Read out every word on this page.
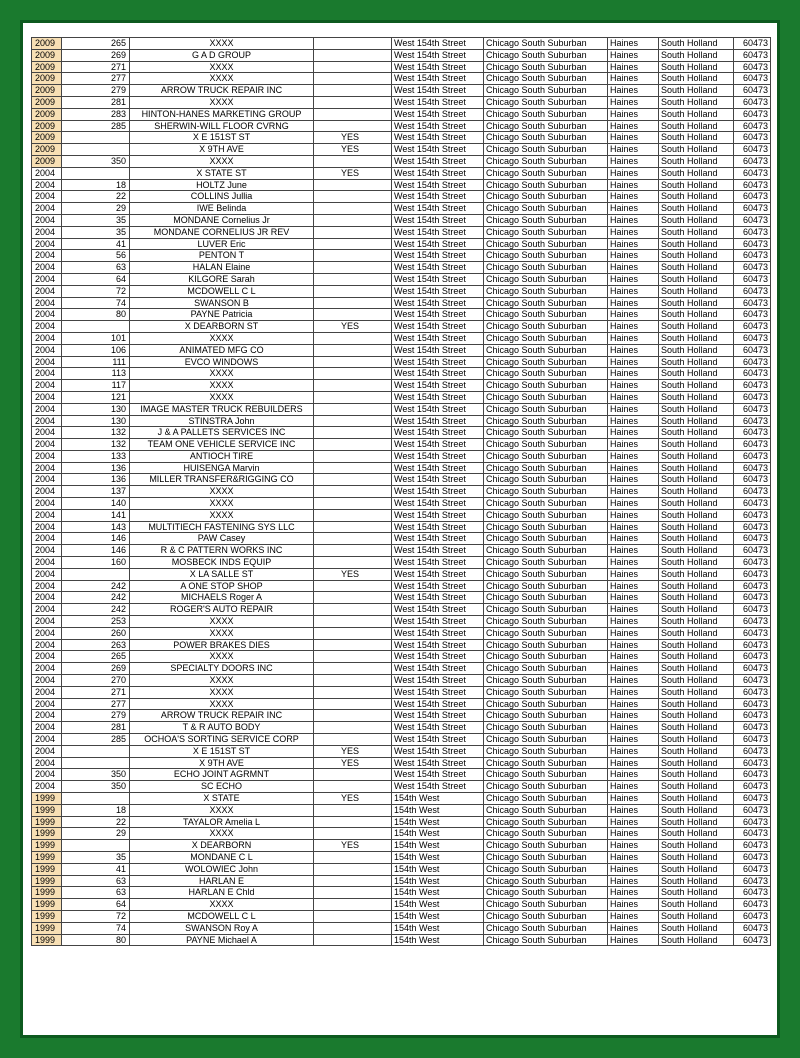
2009	265	XXXX		West 154th Street	Chicago South Suburban	Haines	South Holland	60473
2009	269	G A D GROUP		West 154th Street	Chicago South Suburban	Haines	South Holland	60473
2009	271	XXXX		West 154th Street	Chicago South Suburban	Haines	South Holland	60473
2009	277	XXXX		West 154th Street	Chicago South Suburban	Haines	South Holland	60473
2009	279	ARROW TRUCK REPAIR INC		West 154th Street	Chicago South Suburban	Haines	South Holland	60473
2009	281	XXXX		West 154th Street	Chicago South Suburban	Haines	South Holland	60473
2009	283	HINTON-HANES MARKETING GROUP		West 154th Street	Chicago South Suburban	Haines	South Holland	60473
2009	285	SHERWIN-WILL FLOOR CVRNG		West 154th Street	Chicago South Suburban	Haines	South Holland	60473
2009		X E 151ST ST	YES	West 154th Street	Chicago South Suburban	Haines	South Holland	60473
2009		X 9TH AVE	YES	West 154th Street	Chicago South Suburban	Haines	South Holland	60473
2009	350	XXXX		West 154th Street	Chicago South Suburban	Haines	South Holland	60473
2004		X STATE ST	YES	West 154th Street	Chicago South Suburban	Haines	South Holland	60473
2004	18	HOLTZ June		West 154th Street	Chicago South Suburban	Haines	South Holland	60473
2004	22	COLLINS Jullia		West 154th Street	Chicago South Suburban	Haines	South Holland	60473
2004	29	IWE Belinda		West 154th Street	Chicago South Suburban	Haines	South Holland	60473
2004	35	MONDANE Cornelius Jr		West 154th Street	Chicago South Suburban	Haines	South Holland	60473
2004	35	MONDANE CORNELIUS JR REV		West 154th Street	Chicago South Suburban	Haines	South Holland	60473
2004	41	LUVER Eric		West 154th Street	Chicago South Suburban	Haines	South Holland	60473
2004	56	PENTON T		West 154th Street	Chicago South Suburban	Haines	South Holland	60473
2004	63	HALAN Elaine		West 154th Street	Chicago South Suburban	Haines	South Holland	60473
2004	64	KILGORE Sarah		West 154th Street	Chicago South Suburban	Haines	South Holland	60473
2004	72	MCDOWELL C L		West 154th Street	Chicago South Suburban	Haines	South Holland	60473
2004	74	SWANSON B		West 154th Street	Chicago South Suburban	Haines	South Holland	60473
2004	80	PAYNE Patricia		West 154th Street	Chicago South Suburban	Haines	South Holland	60473
2004		X DEARBORN ST	YES	West 154th Street	Chicago South Suburban	Haines	South Holland	60473
2004	101	XXXX		West 154th Street	Chicago South Suburban	Haines	South Holland	60473
2004	106	ANIMATED MFG CO		West 154th Street	Chicago South Suburban	Haines	South Holland	60473
2004	111	EVCO WINDOWS		West 154th Street	Chicago South Suburban	Haines	South Holland	60473
2004	113	XXXX		West 154th Street	Chicago South Suburban	Haines	South Holland	60473
2004	117	XXXX		West 154th Street	Chicago South Suburban	Haines	South Holland	60473
2004	121	XXXX		West 154th Street	Chicago South Suburban	Haines	South Holland	60473
2004	130	IMAGE MASTER TRUCK REBUILDERS		West 154th Street	Chicago South Suburban	Haines	South Holland	60473
2004	130	STINSTRA John		West 154th Street	Chicago South Suburban	Haines	South Holland	60473
2004	132	J & A PALLETS SERVICES INC		West 154th Street	Chicago South Suburban	Haines	South Holland	60473
2004	132	TEAM ONE VEHICLE SERVICE INC		West 154th Street	Chicago South Suburban	Haines	South Holland	60473
2004	133	ANTIOCH TIRE		West 154th Street	Chicago South Suburban	Haines	South Holland	60473
2004	136	HUISENGA Marvin		West 154th Street	Chicago South Suburban	Haines	South Holland	60473
2004	136	MILLER TRANSFER&RIGGING CO		West 154th Street	Chicago South Suburban	Haines	South Holland	60473
2004	137	XXXX		West 154th Street	Chicago South Suburban	Haines	South Holland	60473
2004	140	XXXX		West 154th Street	Chicago South Suburban	Haines	South Holland	60473
2004	141	XXXX		West 154th Street	Chicago South Suburban	Haines	South Holland	60473
2004	143	MULTITIECH FASTENING SYS LLC		West 154th Street	Chicago South Suburban	Haines	South Holland	60473
2004	146	PAW Casey		West 154th Street	Chicago South Suburban	Haines	South Holland	60473
2004	146	R & C PATTERN WORKS INC		West 154th Street	Chicago South Suburban	Haines	South Holland	60473
2004	160	MOSBECK INDS EQUIP		West 154th Street	Chicago South Suburban	Haines	South Holland	60473
2004		X LA SALLE ST	YES	West 154th Street	Chicago South Suburban	Haines	South Holland	60473
2004	242	A ONE STOP SHOP		West 154th Street	Chicago South Suburban	Haines	South Holland	60473
2004	242	MICHAELS Roger A		West 154th Street	Chicago South Suburban	Haines	South Holland	60473
2004	242	ROGER'S AUTO REPAIR		West 154th Street	Chicago South Suburban	Haines	South Holland	60473
2004	253	XXXX		West 154th Street	Chicago South Suburban	Haines	South Holland	60473
2004	260	XXXX		West 154th Street	Chicago South Suburban	Haines	South Holland	60473
2004	263	POWER BRAKES DIES		West 154th Street	Chicago South Suburban	Haines	South Holland	60473
2004	265	XXXX		West 154th Street	Chicago South Suburban	Haines	South Holland	60473
2004	269	SPECIALTY DOORS INC		West 154th Street	Chicago South Suburban	Haines	South Holland	60473
2004	270	XXXX		West 154th Street	Chicago South Suburban	Haines	South Holland	60473
2004	271	XXXX		West 154th Street	Chicago South Suburban	Haines	South Holland	60473
2004	277	XXXX		West 154th Street	Chicago South Suburban	Haines	South Holland	60473
2004	279	ARROW TRUCK REPAIR INC		West 154th Street	Chicago South Suburban	Haines	South Holland	60473
2004	281	T & R AUTO BODY		West 154th Street	Chicago South Suburban	Haines	South Holland	60473
2004	285	OCHOA'S SORTING SERVICE CORP		West 154th Street	Chicago South Suburban	Haines	South Holland	60473
2004		X E 151ST ST	YES	West 154th Street	Chicago South Suburban	Haines	South Holland	60473
2004		X 9TH AVE	YES	West 154th Street	Chicago South Suburban	Haines	South Holland	60473
2004	350	ECHO JOINT AGRMNT		West 154th Street	Chicago South Suburban	Haines	South Holland	60473
2004	350	SC ECHO		West 154th Street	Chicago South Suburban	Haines	South Holland	60473
1999		X STATE	YES	154th West	Chicago South Suburban	Haines	South Holland	60473
1999	18	XXXX		154th West	Chicago South Suburban	Haines	South Holland	60473
1999	22	TAYALOR Amelia L		154th West	Chicago South Suburban	Haines	South Holland	60473
1999	29	XXXX		154th West	Chicago South Suburban	Haines	South Holland	60473
1999		X DEARBORN	YES	154th West	Chicago South Suburban	Haines	South Holland	60473
1999	35	MONDANE C L		154th West	Chicago South Suburban	Haines	South Holland	60473
1999	41	WOLOWIEC John		154th West	Chicago South Suburban	Haines	South Holland	60473
1999	63	HARLAN E		154th West	Chicago South Suburban	Haines	South Holland	60473
1999	63	HARLAN E Chld		154th West	Chicago South Suburban	Haines	South Holland	60473
1999	64	XXXX		154th West	Chicago South Suburban	Haines	South Holland	60473
1999	72	MCDOWELL C L		154th West	Chicago South Suburban	Haines	South Holland	60473
1999	74	SWANSON Roy A		154th West	Chicago South Suburban	Haines	South Holland	60473
1999	80	PAYNE Michael A		154th West	Chicago South Suburban	Haines	South Holland	60473
